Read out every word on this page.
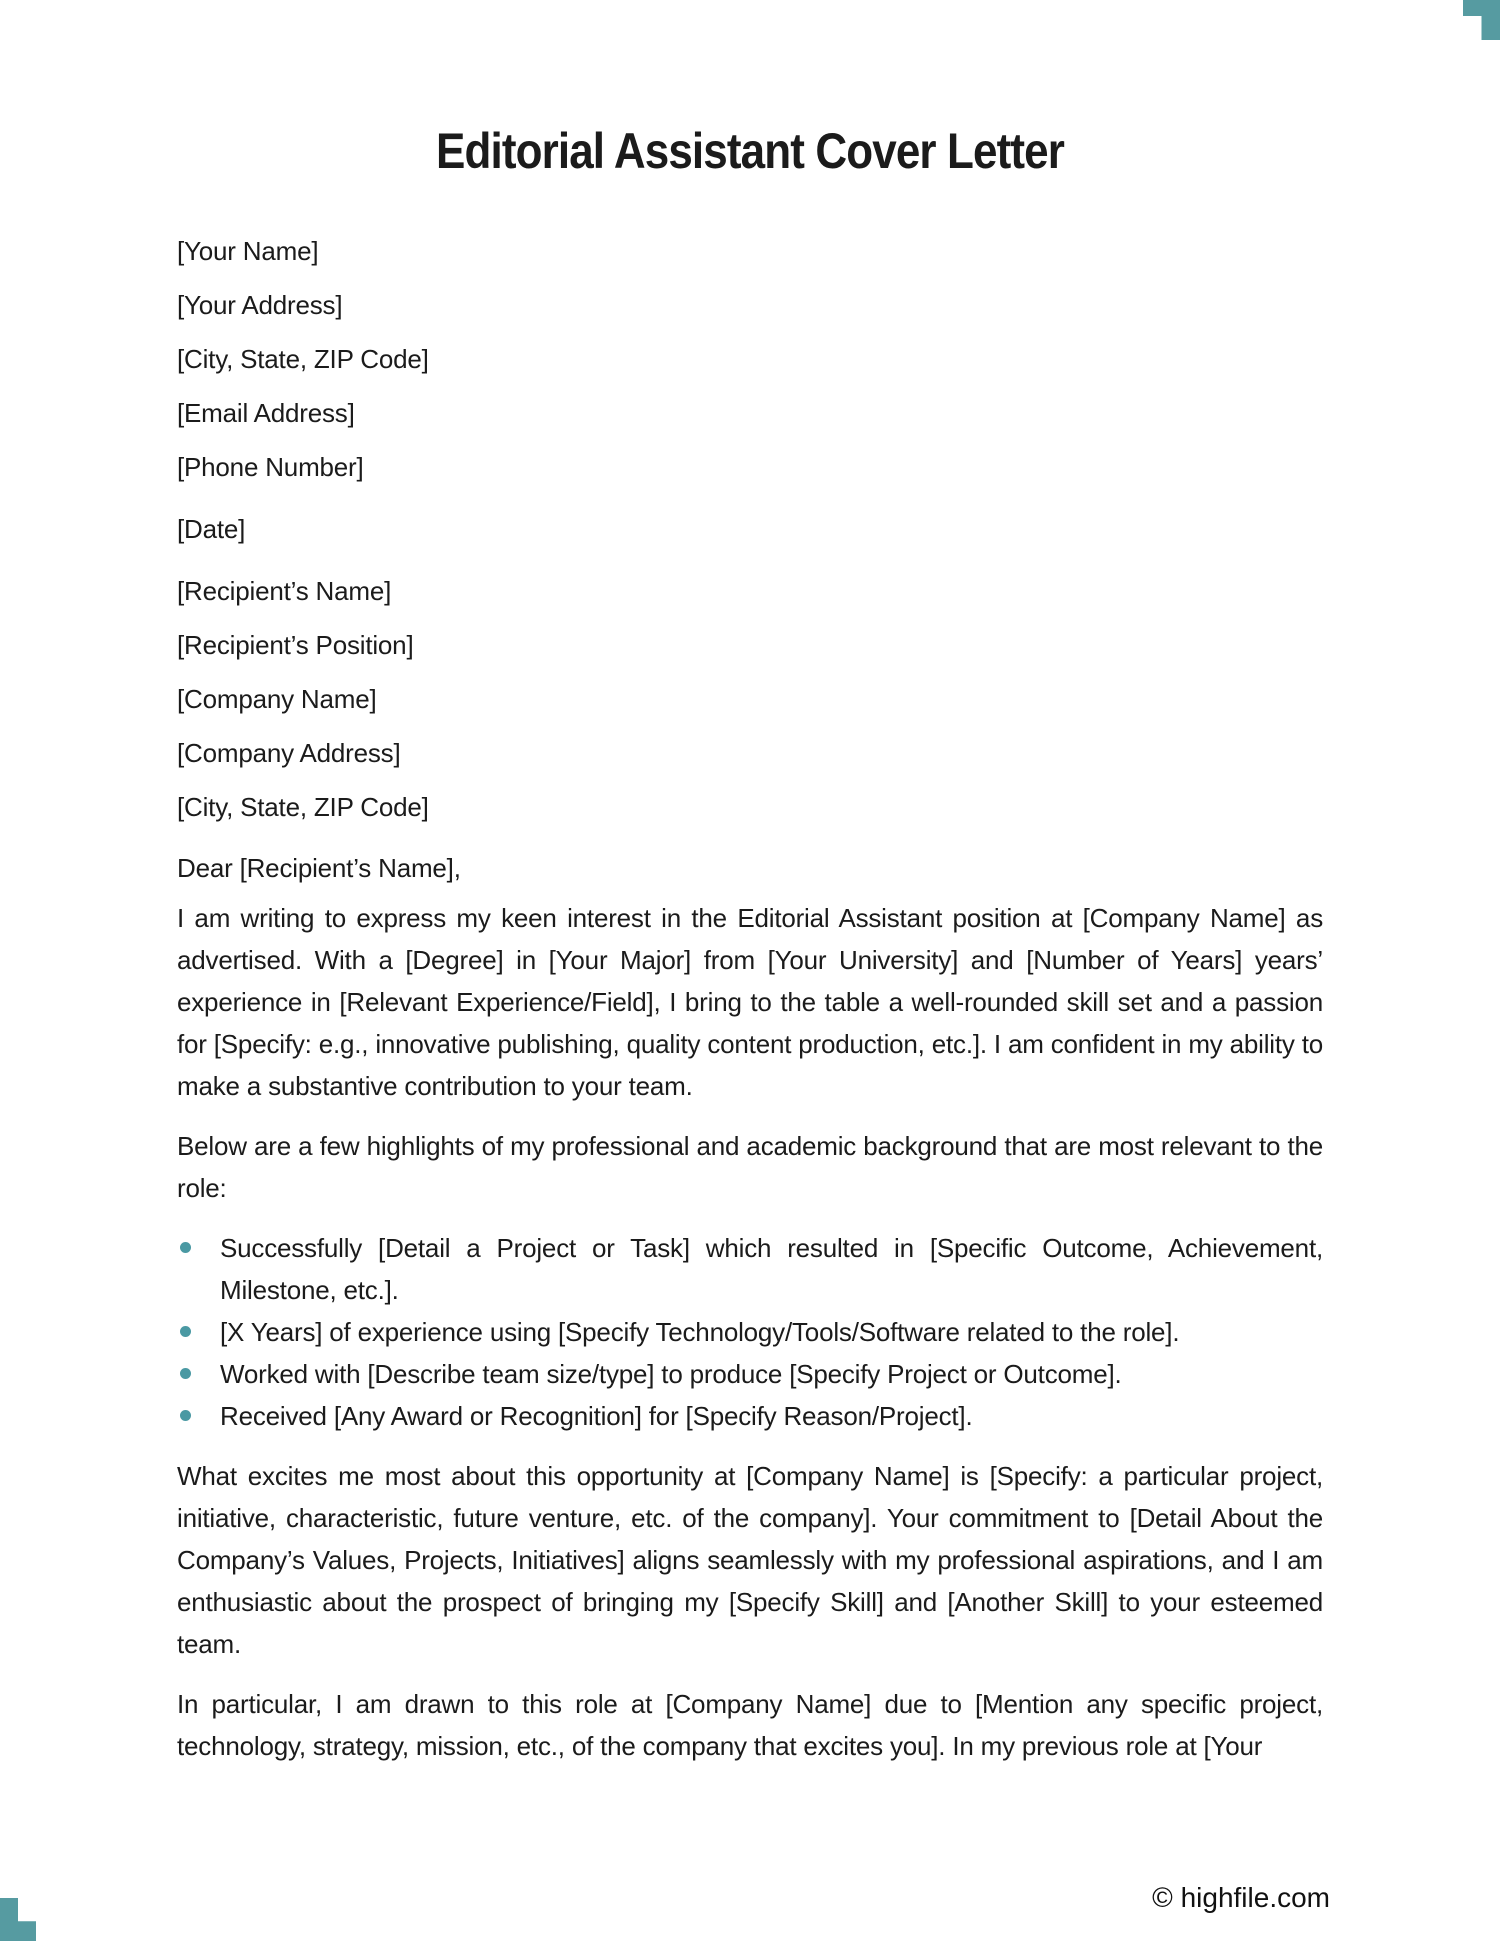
Editorial Assistant Cover Letter
[Your Name]
[Your Address]
[City, State, ZIP Code]
[Email Address]
[Phone Number]
[Date]
[Recipient’s Name]
[Recipient’s Position]
[Company Name]
[Company Address]
[City, State, ZIP Code]
Dear [Recipient’s Name],

I am writing to express my keen interest in the Editorial Assistant position at [Company Name] as advertised. With a [Degree] in [Your Major] from [Your University] and [Number of Years] years’ experience in [Relevant Experience/Field], I bring to the table a well-rounded skill set and a passion for [Specify: e.g., innovative publishing, quality content production, etc.]. I am confident in my ability to make a substantive contribution to your team.

Below are a few highlights of my professional and academic background that are most relevant to the role:

Successfully [Detail a Project or Task] which resulted in [Specific Outcome, Achievement, Milestone, etc.].
[X Years] of experience using [Specify Technology/Tools/Software related to the role].
Worked with [Describe team size/type] to produce [Specify Project or Outcome].
Received [Any Award or Recognition] for [Specify Reason/Project].

What excites me most about this opportunity at [Company Name] is [Specify: a particular project, initiative, characteristic, future venture, etc. of the company]. Your commitment to [Detail About the Company’s Values, Projects, Initiatives] aligns seamlessly with my professional aspirations, and I am enthusiastic about the prospect of bringing my [Specify Skill] and [Another Skill] to your esteemed team.

In particular, I am drawn to this role at [Company Name] due to [Mention any specific project, technology, strategy, mission, etc., of the company that excites you]. In my previous role at [Your

© highfile.com
